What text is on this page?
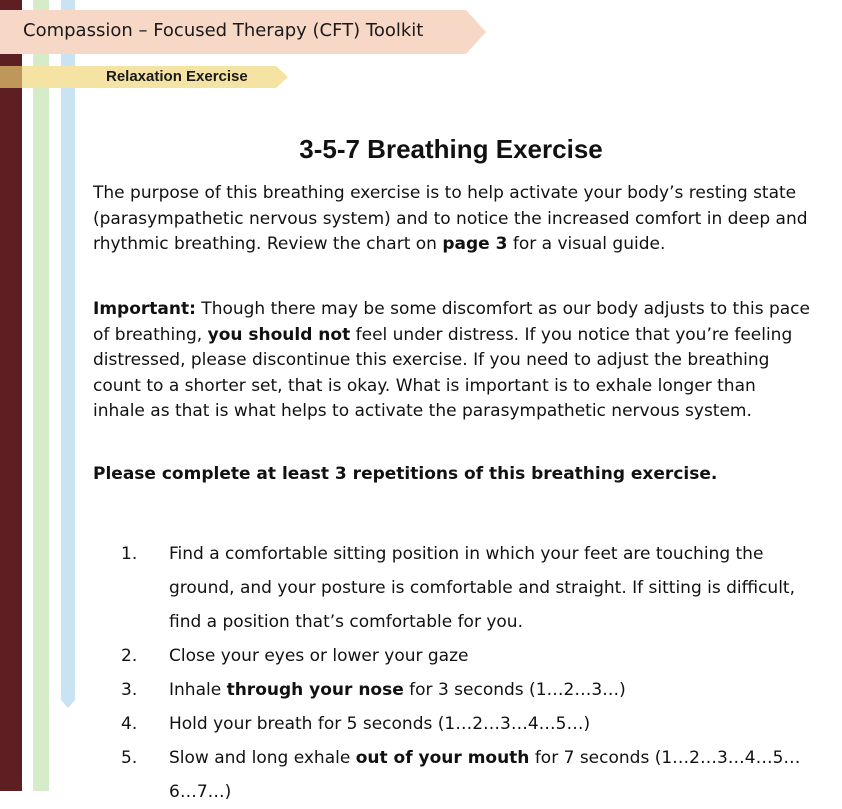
Compassion – Focused Therapy (CFT) Toolkit
Relaxation Exercise
3-5-7 Breathing Exercise

The purpose of this breathing exercise is to help activate your body’s resting state (parasympathetic nervous system) and to notice the increased comfort in deep and rhythmic breathing. Review the chart on page 3 for a visual guide.

Important: Though there may be some discomfort as our body adjusts to this pace of breathing, you should not feel under distress. If you notice that you’re feeling distressed, please discontinue this exercise. If you need to adjust the breathing count to a shorter set, that is okay. What is important is to exhale longer than inhale as that is what helps to activate the parasympathetic nervous system.

Please complete at least 3 repetitions of this breathing exercise.

1. Find a comfortable sitting position in which your feet are touching the ground, and your posture is comfortable and straight. If sitting is difficult, find a position that’s comfortable for you.
2. Close your eyes or lower your gaze
3. Inhale through your nose for 3 seconds (1…2…3…)
4. Hold your breath for 5 seconds (1…2…3…4…5…)
5. Slow and long exhale out of your mouth for 7 seconds (1…2…3…4…5…6…7…)
